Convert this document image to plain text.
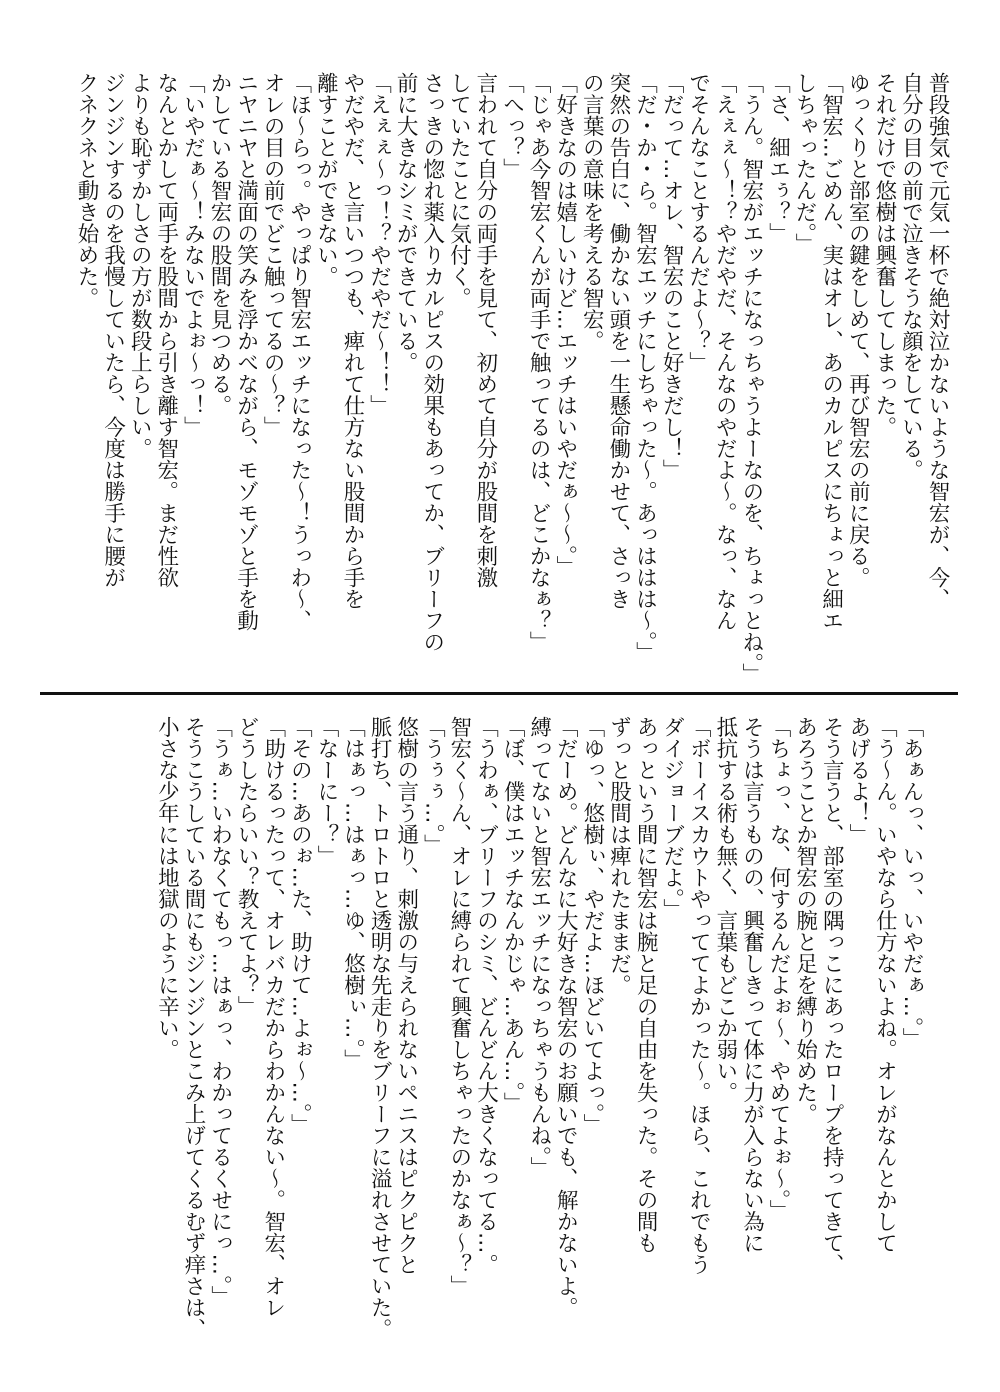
普段強気で元気一杯で絶対泣かないような智宏が、今、
自分の目の前で泣きそうな顔をしている。
それだけで悠樹は興奮してしまった。
ゆっくりと部室の鍵をしめて、再び智宏の前に戻る。
「智宏…ごめん、実はオレ、あのカルピスにちょっと細エ
しちゃったんだ。」
「さ、細エぅ？」
「うん。智宏がエッチになっちゃうよーなのを、ちょっとね。」
「えぇぇ～！？やだやだ、そんなのやだよ～。なっ、なん
でそんなことするんだよ～？」
「だって…オレ、智宏のこと好きだし！」
「だ・か・ら。智宏エッチにしちゃった～。あっははは～。」
突然の告白に、働かない頭を一生懸命働かせて、さっき
の言葉の意味を考える智宏。
「好きなのは嬉しいけど…エッチはいやだぁ～～。」
「じゃあ今智宏くんが両手で触ってるのは、どこかなぁ？」
「へっ？」
言われて自分の両手を見て、初めて自分が股間を刺激
していたことに気付く。
さっきの惚れ薬入りカルピスの効果もあってか、ブリーフの
前に大きなシミができている。
「えぇぇ～っ！？やだやだ～！！」
やだやだ、と言いつつも、痺れて仕方ない股間から手を
離すことができない。
「ほ～らっ。やっぱり智宏エッチになった～！うっわ～、
オレの目の前でどこ触ってるの～？」
ニヤニヤと満面の笑みを浮かべながら、モゾモゾと手を動
かしている智宏の股間を見つめる。
「いやだぁ～！みないでよぉ～っ！」
なんとかして両手を股間から引き離す智宏。まだ性欲
よりも恥ずかしさの方が数段上らしい。
ジンジンするのを我慢していたら、今度は勝手に腰が
クネクネと動き始めた。
「あぁんっ、いっ、いやだぁ…。」
「う～ん。いやなら仕方ないよね。オレがなんとかして
あげるよ！」
そう言うと、部室の隅っこにあったロープを持ってきて、
あろうことか智宏の腕と足を縛り始めた。
「ちょっ、な、何するんだよぉ～、やめてよぉ～。」
そうは言うものの、興奮しきって体に力が入らない為に
抵抗する術も無く、言葉もどこか弱い。
「ボーイスカウトやっててよかった～。ほら、これでもう
ダイジョーブだよ。」
あっという間に智宏は腕と足の自由を失った。その間も
ずっと股間は痺れたままだ。
「ゆっ、悠樹ぃ、やだよ…ほどいてよっ。」
「だーめ。どんなに大好きな智宏のお願いでも、解かないよ。
縛ってないと智宏エッチになっちゃうもんね。」
「ぼ、僕はエッチなんかじゃ…あん…。」
「うわぁ、ブリーフのシミ、どんどん大きくなってる…。
智宏く～ん、オレに縛られて興奮しちゃったのかなぁ～？」
「うぅぅ…。」
悠樹の言う通り、刺激の与えられないペニスはピクピクと
脈打ち、トロトロと透明な先走りをブリーフに溢れさせていた。
「はぁっ…はぁっ…ゆ、悠樹ぃ…。」
「なーにー？」
「その…あのぉ…た、助けて…よぉ～…。」
「助けるったって、オレバカだからわかんない～。智宏、オレ
どうしたらいい？教えてよ？」
「うぁ…いわなくてもっ…はぁっ、わかってるくせにっ…。」
そうこうしている間にもジンジンとこみ上げてくるむず痒さは、
小さな少年には地獄のように辛い。
